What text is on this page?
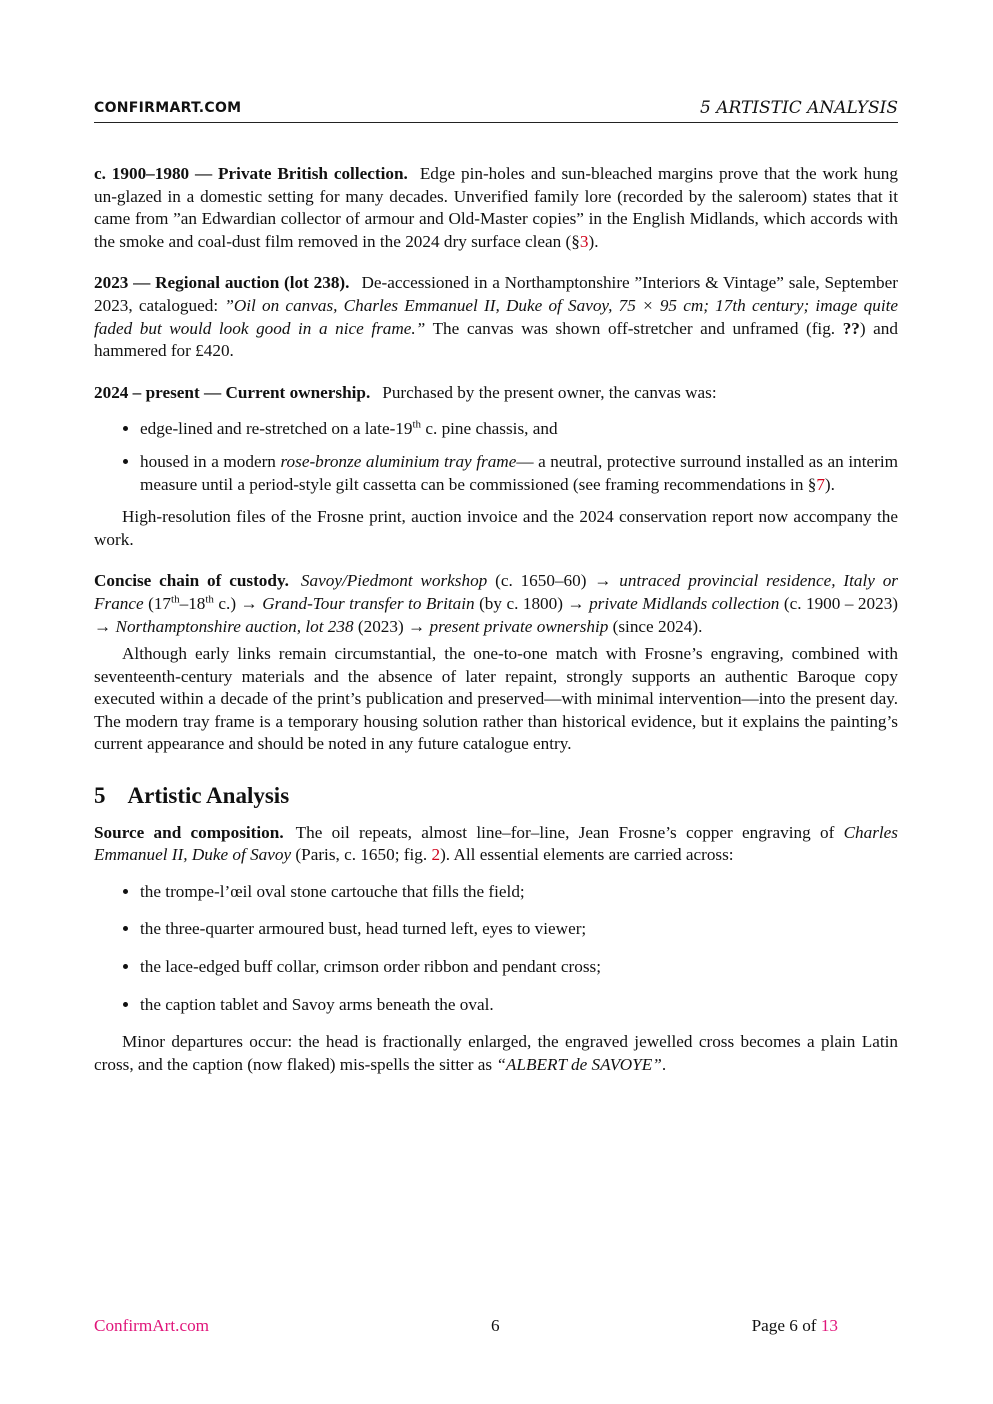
CONFIRMART.COM	5 ARTISTIC ANALYSIS

c. 1900–1980 — Private British collection. Edge pin-holes and sun-bleached margins prove that the work hung un-glazed in a domestic setting for many decades. Unverified family lore (recorded by the saleroom) states that it came from ”an Edwardian collector of armour and Old-Master copies” in the English Midlands, which accords with the smoke and coal-dust film removed in the 2024 dry surface clean (§3).

2023 — Regional auction (lot 238). De-accessioned in a Northamptonshire ”Interiors & Vintage” sale, September 2023, catalogued: ”Oil on canvas, Charles Emmanuel II, Duke of Savoy, 75 × 95 cm; 17th century; image quite faded but would look good in a nice frame.” The canvas was shown off-stretcher and unframed (fig. ??) and hammered for £420.

2024 – present — Current ownership. Purchased by the present owner, the canvas was:

• edge-lined and re-stretched on a late-19th c. pine chassis, and
• housed in a modern rose-bronze aluminium tray frame— a neutral, protective surround installed as an interim measure until a period-style gilt cassetta can be commissioned (see framing recommendations in §7).

High-resolution files of the Frosne print, auction invoice and the 2024 conservation report now accompany the work.

Concise chain of custody. Savoy/Piedmont workshop (c. 1650–60) → untraced provincial residence, Italy or France (17th–18th c.) → Grand-Tour transfer to Britain (by c. 1800) → private Midlands collection (c. 1900 – 2023) → Northamptonshire auction, lot 238 (2023) → present private ownership (since 2024).

Although early links remain circumstantial, the one-to-one match with Frosne’s engraving, combined with seventeenth-century materials and the absence of later repaint, strongly supports an authentic Baroque copy executed within a decade of the print’s publication and preserved—with minimal intervention—into the present day. The modern tray frame is a temporary housing solution rather than historical evidence, but it explains the painting’s current appearance and should be noted in any future catalogue entry.

5 Artistic Analysis

Source and composition. The oil repeats, almost line–for–line, Jean Frosne’s copper engraving of Charles Emmanuel II, Duke of Savoy (Paris, c. 1650; fig. 2). All essential elements are carried across:

• the trompe-l’œil oval stone cartouche that fills the field;
• the three-quarter armoured bust, head turned left, eyes to viewer;
• the lace-edged buff collar, crimson order ribbon and pendant cross;
• the caption tablet and Savoy arms beneath the oval.

Minor departures occur: the head is fractionally enlarged, the engraved jewelled cross becomes a plain Latin cross, and the caption (now flaked) mis-spells the sitter as “ALBERT de SAVOYE”.

ConfirmArt.com	6	Page 6 of 13
